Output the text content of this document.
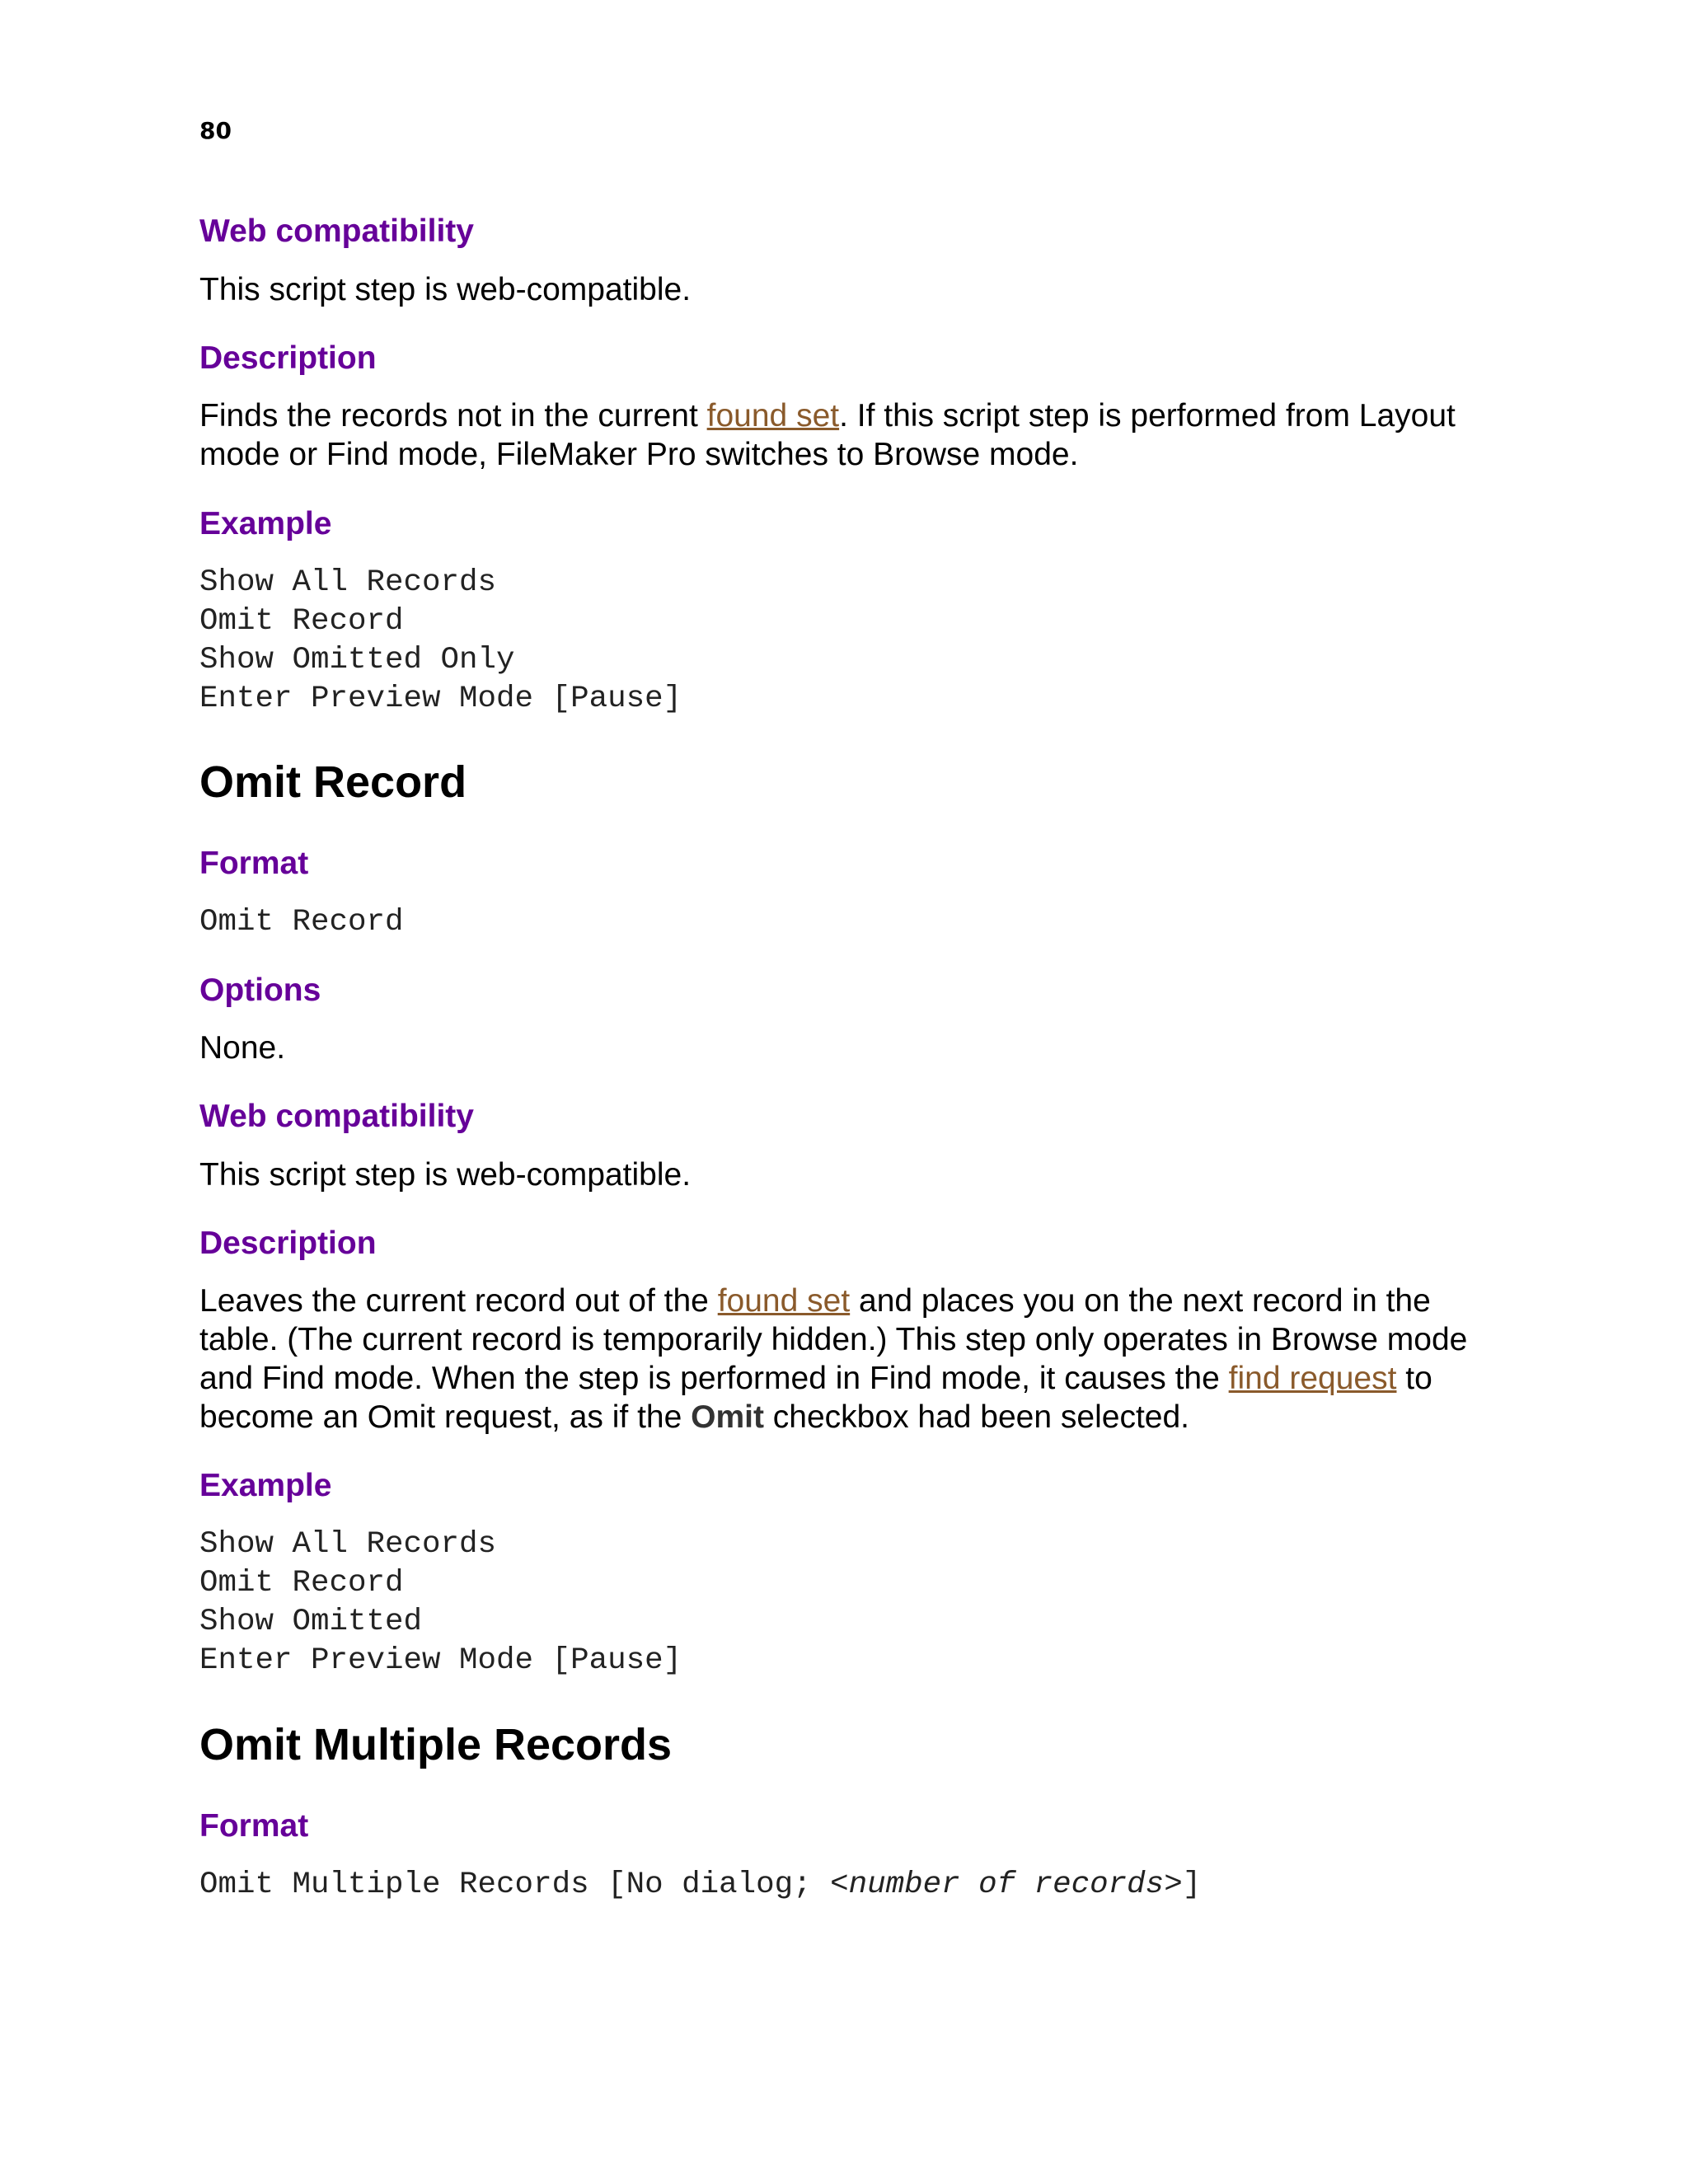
80

Web compatibility

This script step is web-compatible.

Description

Finds the records not in the current found set. If this script step is performed from Layout mode or Find mode, FileMaker Pro switches to Browse mode.

Example

Show All Records

Omit Record

Show Omitted Only

Enter Preview Mode [Pause]

Omit Record
Format

Omit Record

Options

None.

Web compatibility

This script step is web-compatible.

Description

Leaves the current record out of the found set and places you on the next record in the table. (The current record is temporarily hidden.) This step only operates in Browse mode and Find mode. When the step is performed in Find mode, it causes the find request to become an Omit request, as if the Omit checkbox had been selected.

Example

Show All Records

Omit Record

Show Omitted

Enter Preview Mode [Pause]

Omit Multiple Records
Format

Omit Multiple Records [No dialog; <number of records>]
